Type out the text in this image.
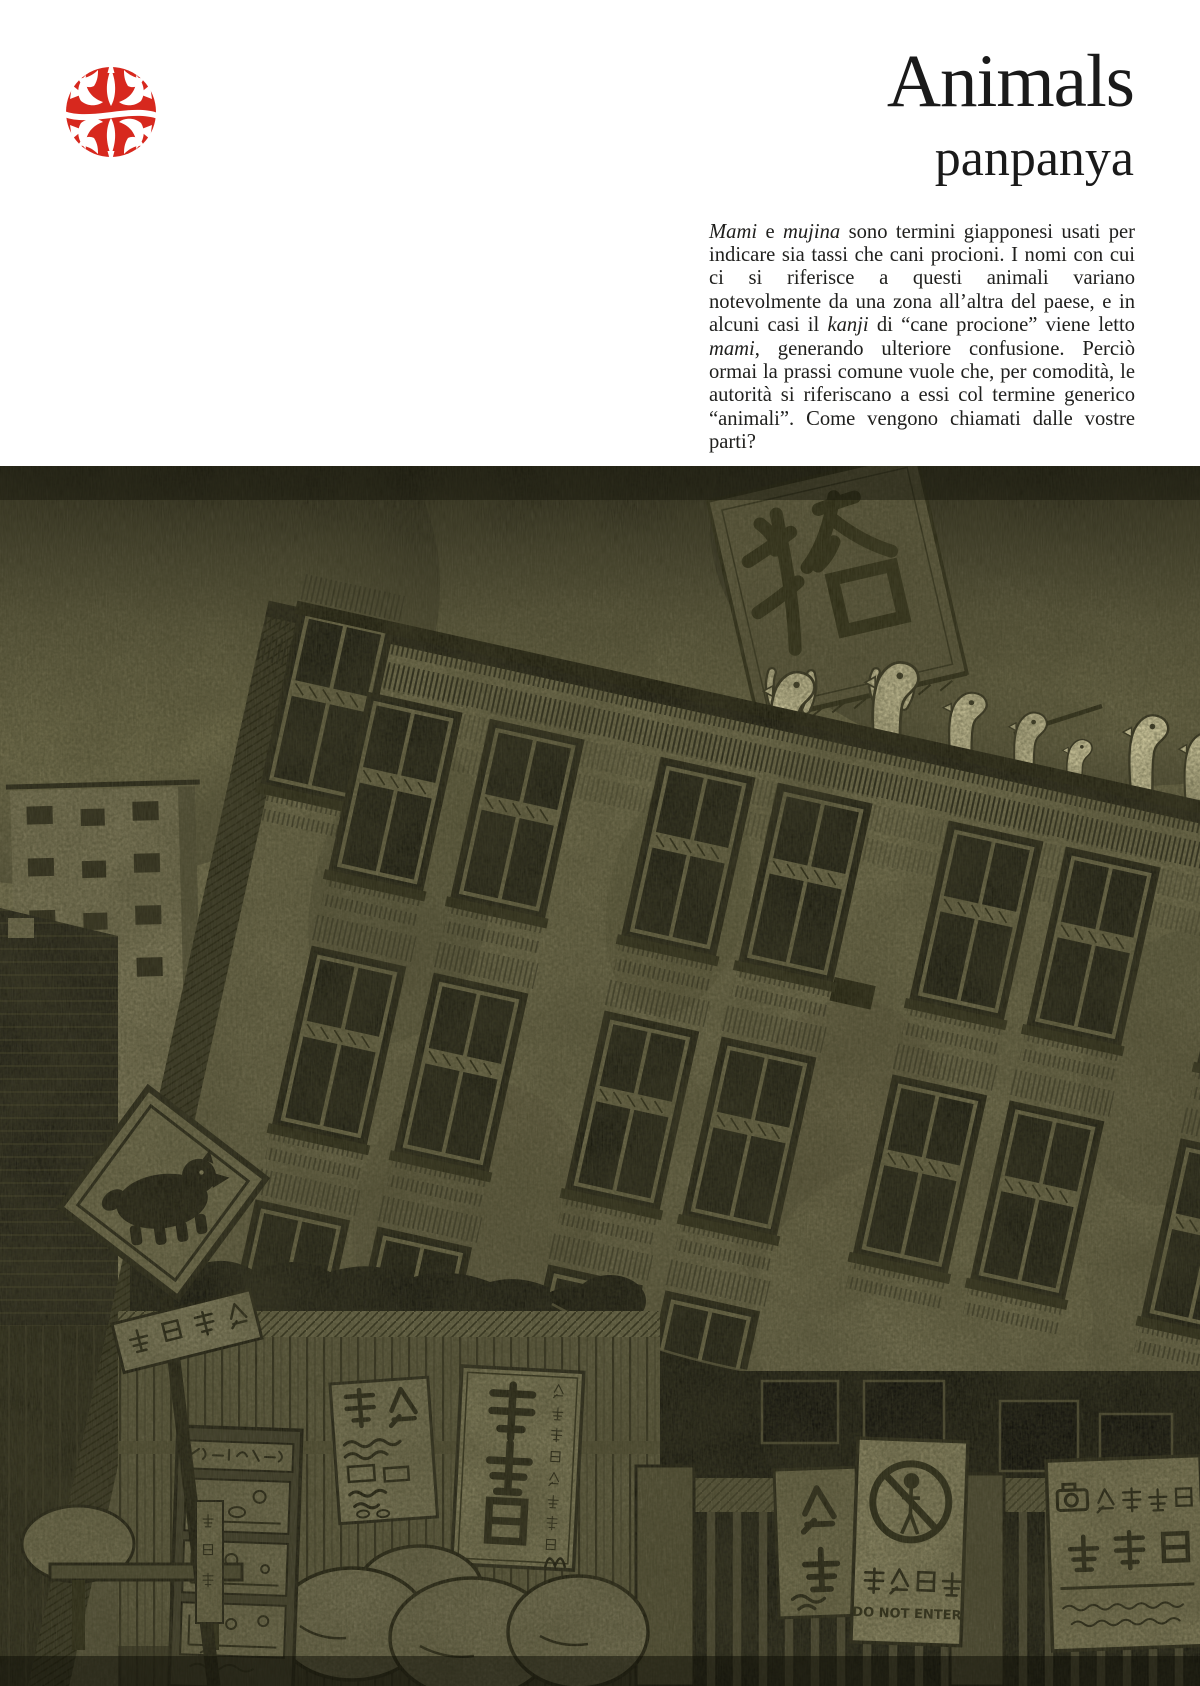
Animals
panpanya

Mami e mujina sono termini giapponesi usati per indicare sia tassi che cani procioni. I nomi con cui ci si riferisce a questi animali variano notevolmente da una zona all’altra del paese, e in alcuni casi il kanji di “cane procione” viene letto mami, generando ulteriore confusione. Perciò ormai la prassi comune vuole che, per comodità, le autorità si riferiscano a essi col termine generico “animali”. Come vengono chiamati dalle vostre parti?

DO NOT ENTER
